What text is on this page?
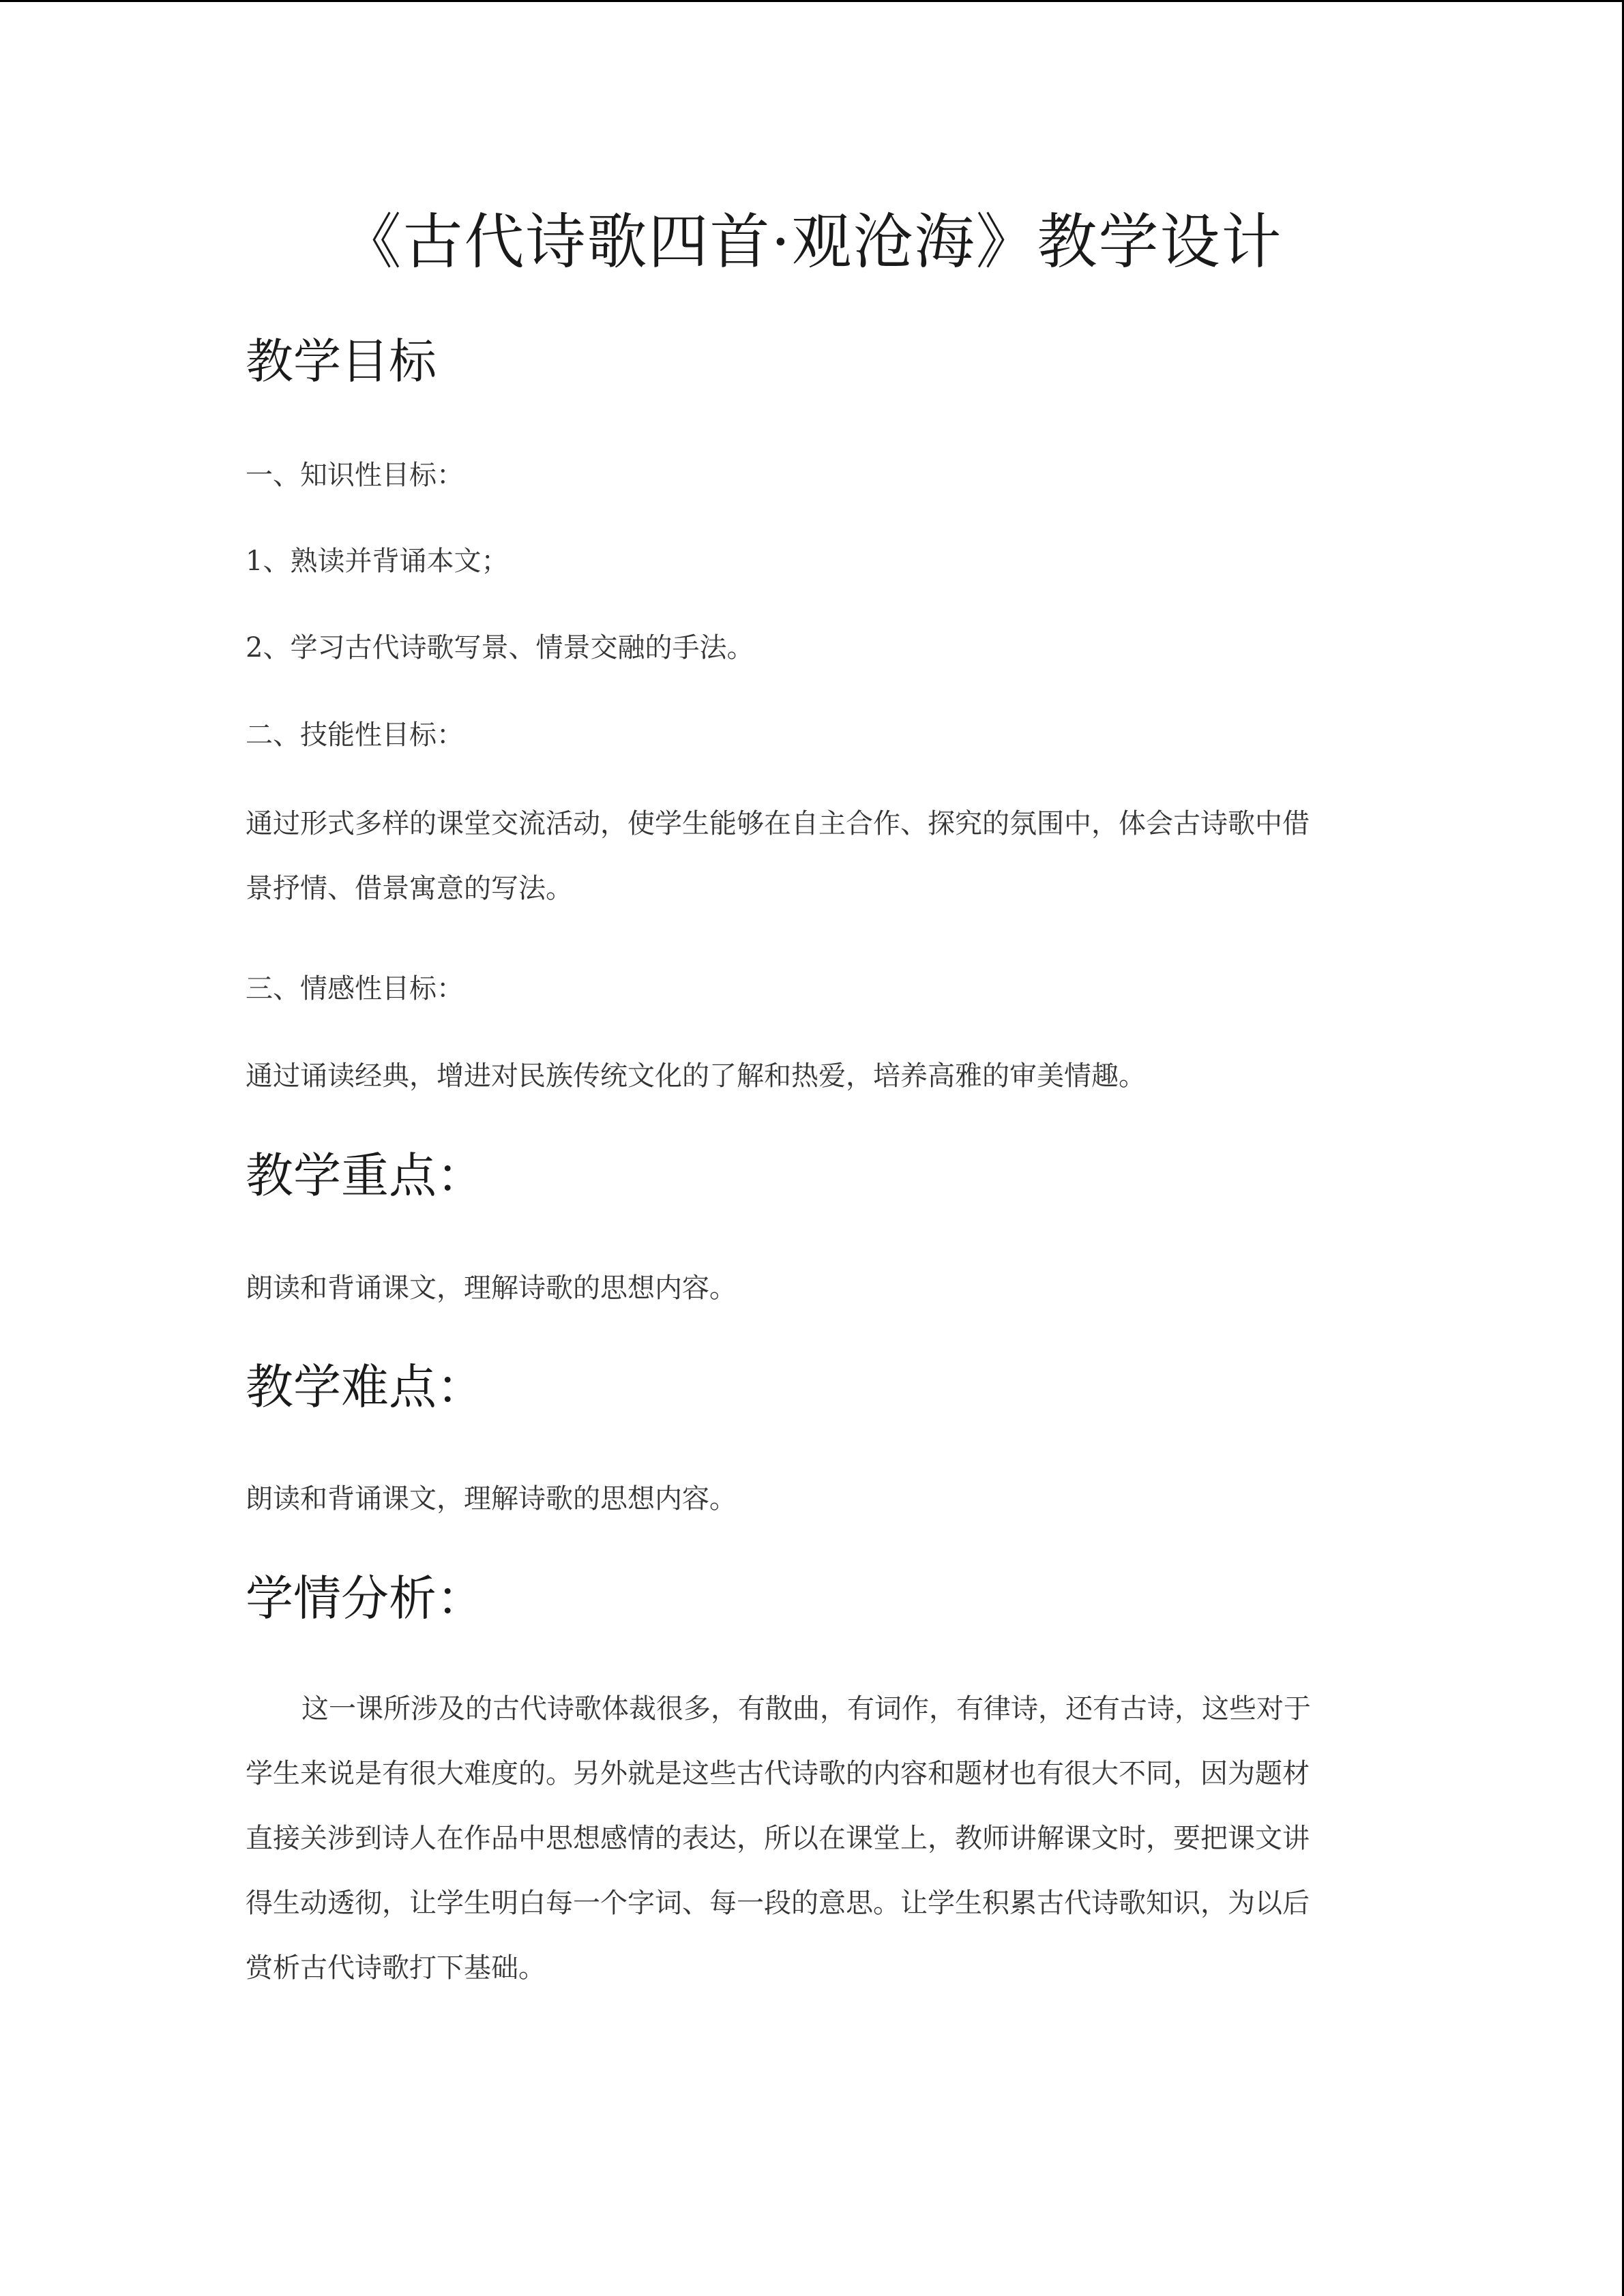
《古代诗歌四首·观沧海》教学设计
教学目标

一、知识性目标：

1、熟读并背诵本文；

2、学习古代诗歌写景、情景交融的手法。

二、技能性目标：

通过形式多样的课堂交流活动，使学生能够在自主合作、探究的氛围中，体会古诗歌中借

景抒情、借景寓意的写法。

三、情感性目标：

通过诵读经典，增进对民族传统文化的了解和热爱，培养高雅的审美情趣。

教学重点：

朗读和背诵课文，理解诗歌的思想内容。

教学难点：

朗读和背诵课文，理解诗歌的思想内容。

学情分析：
这一课所涉及的古代诗歌体裁很多，有散曲，有词作，有律诗，还有古诗，这些对于
学生来说是有很大难度的。另外就是这些古代诗歌的内容和题材也有很大不同，因为题材
直接关涉到诗人在作品中思想感情的表达，所以在课堂上，教师讲解课文时，要把课文讲
得生动透彻，让学生明白每一个字词、每一段的意思。让学生积累古代诗歌知识，为以后
赏析古代诗歌打下基础。
